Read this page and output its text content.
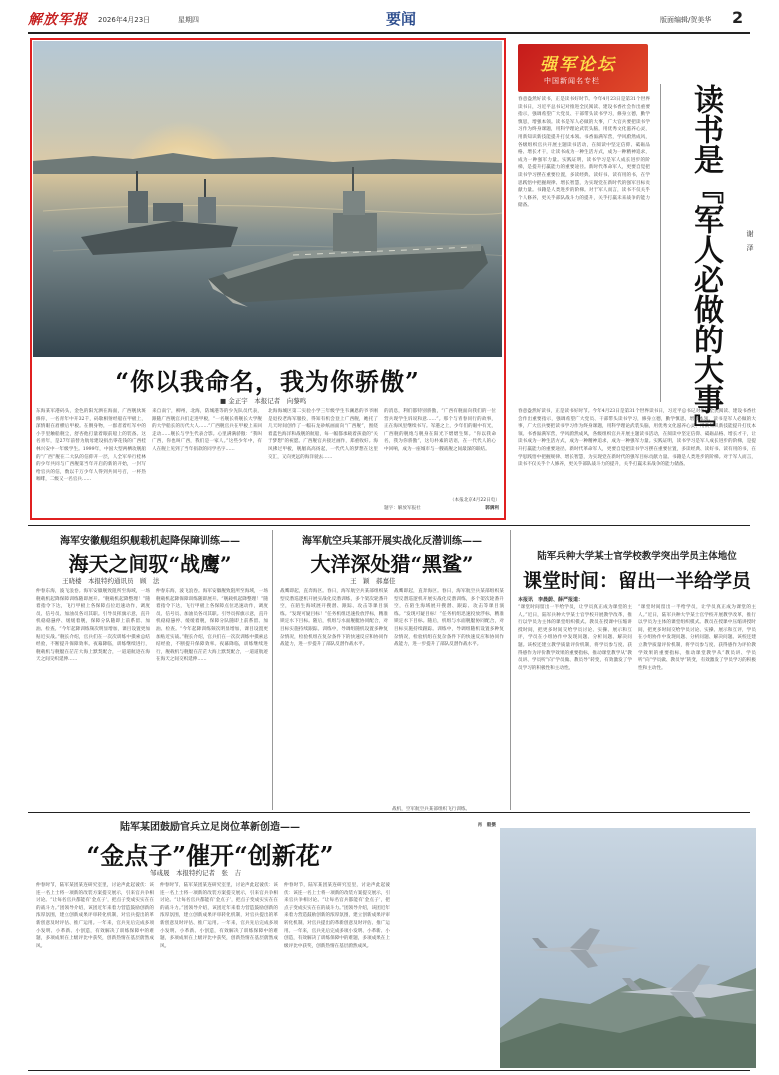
解放军报 2026年4月23日	星期四	要闻	版面编辑/贺美华 2
“你以我命名，我为你骄傲”
■ 金正宇　本报记者　向黎鸣
东海某军港码头，金色的阳光洒在海面，广西舰伙斑修你，一名青年中开32千，码歇相射经船在甲板上，深情眼在眉横后甲板。在倒身物，一群者着红军中的小手里触船舰尘，舒杏他打量着眼前船上的装备。这名青年，是27年前替为航母建设捐出零花钱的广西桂林兴安中一年级学生。1999年，中国大型两栖攻舰船的“广西”舰在二大队的信仰开一层，人全军举行桂林的少年共同与广西舰第当年开启的新的开始，一封写给官兵的信，数以千万少年人得到共同号召，一杯热咖啡，二级又一名官兵……
来自南宁，柳州，北海，防城港等的少先队员代表，跟随广西舰官兵们走进甲板，“一名舰长将舰长大学舰的大学船长的历代大人……”广西舰官兵在甲板上来回走动……舰长与学生代表合影。心里满满骄傲：“我叫广西，你也叫广西，我们是一家人。”这些少年中，有人在舰上见到了当年捐款的同学名字……
北海海城区第二实验小学三年级学生韦澜恩的爷爷刚是退役老海军服役，得知有机会登上广西舰，她托了几天时间创作了一幅石龙砂纸画面向“广西舰”，围绕着蓝色海洋和战舰的航船，每一幅都承载着孩童的“关于梦想”的祝愿。广西舰官兵接过画作，郑重收好。海风拂过甲板，舰艏高高扬起，一代代人的梦想在这里交汇，又向更远的海洋驶去……
的消息，利们都特别骄傲，“广西有舰面向我们的一位营兵现学生诉说和意……”。那个与青春同行的故事，正在海风里继续书写。军港之上，少年们的眼中有光，广西舰的舰炮与舰身在阳光下熠熠生辉。“你以我命名，我为你骄傲”，这句朴素的话语，在一代代人的心中回响，成为一座城市与一艘战舰之间最深的联结。
（本报北京4月22日电）
题字：解放军报社	郭满利
强军论坛
中国新闻名专栏
春意盎然好读书，正是读书好时节。今年4月23日是第31个世界读书日，习近平总书记对推进全民阅读、建设书香社会作出重要指示，强调希望广大党员、干部带头读书学习，修身立德，勤学慎思，增强本领。读书是军人必做的大事，广大官兵要把读书学习作为终身课题，用科学理论武装头脑，用优秀文化滋养心灵，用新知识新技能提升打仗本领。书香溢满军营，学风蔚然成风，各级组织官兵开展主题读书活动，在阅读中坚定信仰、砥砺品格、增长才干，让读书成为一种生活方式，成为一种精神追求，成为一种强军力量。实践证明，读书学习是军人成长进步的阶梯，是提升打赢能力的重要途径。新时代革命军人，更要自觉把读书学习摆在重要位置，多读经典、读好书、读有用的书，在学思践悟中把握规律、增长智慧，为实现党在新时代的强军目标贡献力量。书籍是人类进步的阶梯。对于军人而言，读书不仅关乎个人修养，更关乎部队战斗力的提升，关乎打赢未来战争的能力储备。
春意盎然好读书，正是读书好时节。今年4月23日是第31个世界读书日，习近平总书记对推进全民阅读、建设书香社会作出重要指示，强调希望广大党员、干部带头读书学习，修身立德，勤学慎思，增强本领。读书是军人必做的大事，广大官兵要把读书学习作为终身课题，用科学理论武装头脑，用优秀文化滋养心灵，用新知识新技能提升打仗本领。书香溢满军营，学风蔚然成风，各级组织官兵开展主题读书活动，在阅读中坚定信仰、砥砺品格、增长才干，让读书成为一种生活方式，成为一种精神追求，成为一种强军力量。实践证明，读书学习是军人成长进步的阶梯，是提升打赢能力的重要途径。新时代革命军人，更要自觉把读书学习摆在重要位置，多读经典、读好书、读有用的书，在学思践悟中把握规律、增长智慧，为实现党在新时代的强军目标贡献力量。书籍是人类进步的阶梯。对于军人而言，读书不仅关乎个人修养，更关乎部队战斗力的提升，关乎打赢未来战争的能力储备。
读书是『军人必做的大事』	谢　泽
海军安徽舰组织舰载机起降保障训练——
海天之间驭“战鹰”
王晓楼　本报特约通讯员　顾　法
仲春东海，波飞浪卷。海军安徽舰致阻所至海域，一场舰载机起降保障训练随即展开。“舰载机起降整理！”随着指令下达，飞行甲板上各保障点位迅速动作，调度员、信号员、加油员各司其职。引导员挥旗示意，直升机稳稳悬停、缓缓着舰，保障分队随即上前系留、加油、检查。“今年起降训练频次明显增加，课目设置更加贴近实战。”舰长介绍，官兵们在一次次训练中摸索总结经验，不断提升保障效率。夜幕降临，训练继续进行，舰载机与舰艇在茫茫大海上默契配合，一道道航迹在海天之间交织延伸……
仲春东海，波飞浪卷。海军安徽舰致阻所至海域，一场舰载机起降保障训练随即展开。“舰载机起降整理！”随着指令下达，飞行甲板上各保障点位迅速动作，调度员、信号员、加油员各司其职。引导员挥旗示意，直升机稳稳悬停、缓缓着舰，保障分队随即上前系留、加油、检查。“今年起降训练频次明显增加，课目设置更加贴近实战。”舰长介绍，官兵们在一次次训练中摸索总结经验，不断提升保障效率。夜幕降临，训练继续进行，舰载机与舰艇在茫茫大海上默契配合，一道道航迹在海天之间交织延伸……
海军航空兵某部开展实战化反潜训练——
大洋深处猎“黑鲨”
王　颖　郝嘉佳
战鹰即起，直奔海区。春日，海军航空兵某部组织某型反潜巡逻机开展实战化反潜训练，多个架次轮番升空，在陌生海域展开搜潜、跟踪、攻击等课目演练。“发现可疑目标！”任务机组迅速投放浮标，精准锁定水下目标。随后，机组与水面舰艇协同配合，对目标实施持续跟踪。训练中，导调组随机设置多种复杂情况，检验机组在复杂条件下的快速反应和协同作战能力，进一步提升了部队反潜作战水平。
战鹰即起，直奔海区。春日，海军航空兵某部组织某型反潜巡逻机开展实战化反潜训练，多个架次轮番升空，在陌生海域展开搜潜、跟踪、攻击等课目演练。“发现可疑目标！”任务机组迅速投放浮标，精准锁定水下目标。随后，机组与水面舰艇协同配合，对目标实施持续跟踪。训练中，导调组随机设置多种复杂情况，检验机组在复杂条件下的快速反应和协同作战能力，进一步提升了部队反潜作战水平。
陆军兵种大学某士官学校教学突出学员主体地位
课堂时间：留出一半给学员
“课堂时间留出一半给学员，让学员真正成为课堂的主人。”近日，陆军兵种大学某士官学校开展教学改革，推行以学员为主体的课堂组织模式。教员在授课中压缩讲授时间，把更多时间交给学员讨论、实操、展示和互评，学员在小组协作中发现问题、分析问题、解决问题。该校还建立教学质量评价机制，将学员参与度、获得感作为评价教学效果的重要指标，推动课堂教学从“教员讲、学员听”向“学员做、教员导”转变，有效激发了学员学习的积极性和主动性。
“课堂时间留出一半给学员，让学员真正成为课堂的主人。”近日，陆军兵种大学某士官学校开展教学改革，推行以学员为主体的课堂组织模式。教员在授课中压缩讲授时间，把更多时间交给学员讨论、实操、展示和互评，学员在小组协作中发现问题、分析问题、解决问题。该校还建立教学质量评价机制，将学员参与度、获得感作为评价教学效果的重要指标，推动课堂教学从“教员讲、学员听”向“学员做、教员导”转变，有效激发了学员学习的积极性和主动性。
本报讯　李晨蔚、薛严报道：
陆军某团鼓励官兵立足岗位革新创造——
“金点子”催开“创新花”
邹彧晟　本报特约记者　张　吉
仲春时节，陆军某团某连研究室里，讨论声此起彼伏：该连一名上士将一项新的改装方案提交展示，引来官兵争相讨论。“让每名官兵都能有‘金点子’，把点子变成实实在在的战斗力。”团领导介绍，该团近年来着力营造鼓励创新的浓厚氛围，建立创新成果评审转化机制，对官兵提出的革新创意及时评估、推广运用。一年来，官兵先后完成多项小发明、小革新、小创造，有效解决了训练保障中的难题，多项成果在上级评比中获奖，创新热情在基层蔚然成风。
仲春时节，陆军某团某连研究室里，讨论声此起彼伏：该连一名上士将一项新的改装方案提交展示，引来官兵争相讨论。“让每名官兵都能有‘金点子’，把点子变成实实在在的战斗力。”团领导介绍，该团近年来着力营造鼓励创新的浓厚氛围，建立创新成果评审转化机制，对官兵提出的革新创意及时评估、推广运用。一年来，官兵先后完成多项小发明、小革新、小创造，有效解决了训练保障中的难题，多项成果在上级评比中获奖，创新热情在基层蔚然成风。
仲春时节，陆军某团某连研究室里，讨论声此起彼伏：该连一名上士将一项新的改装方案提交展示，引来官兵争相讨论。“让每名官兵都能有‘金点子’，把点子变成实实在在的战斗力。”团领导介绍，该团近年来着力营造鼓励创新的浓厚氛围，建立创新成果评审转化机制，对官兵提出的革新创意及时评估、推广运用。一年来，官兵先后完成多项小发明、小革新、小创造，有效解决了训练保障中的难题，多项成果在上级评比中获奖，创新热情在基层蔚然成风。
战机，空军航空兵某部组织飞行训练。
肖　毅摄
